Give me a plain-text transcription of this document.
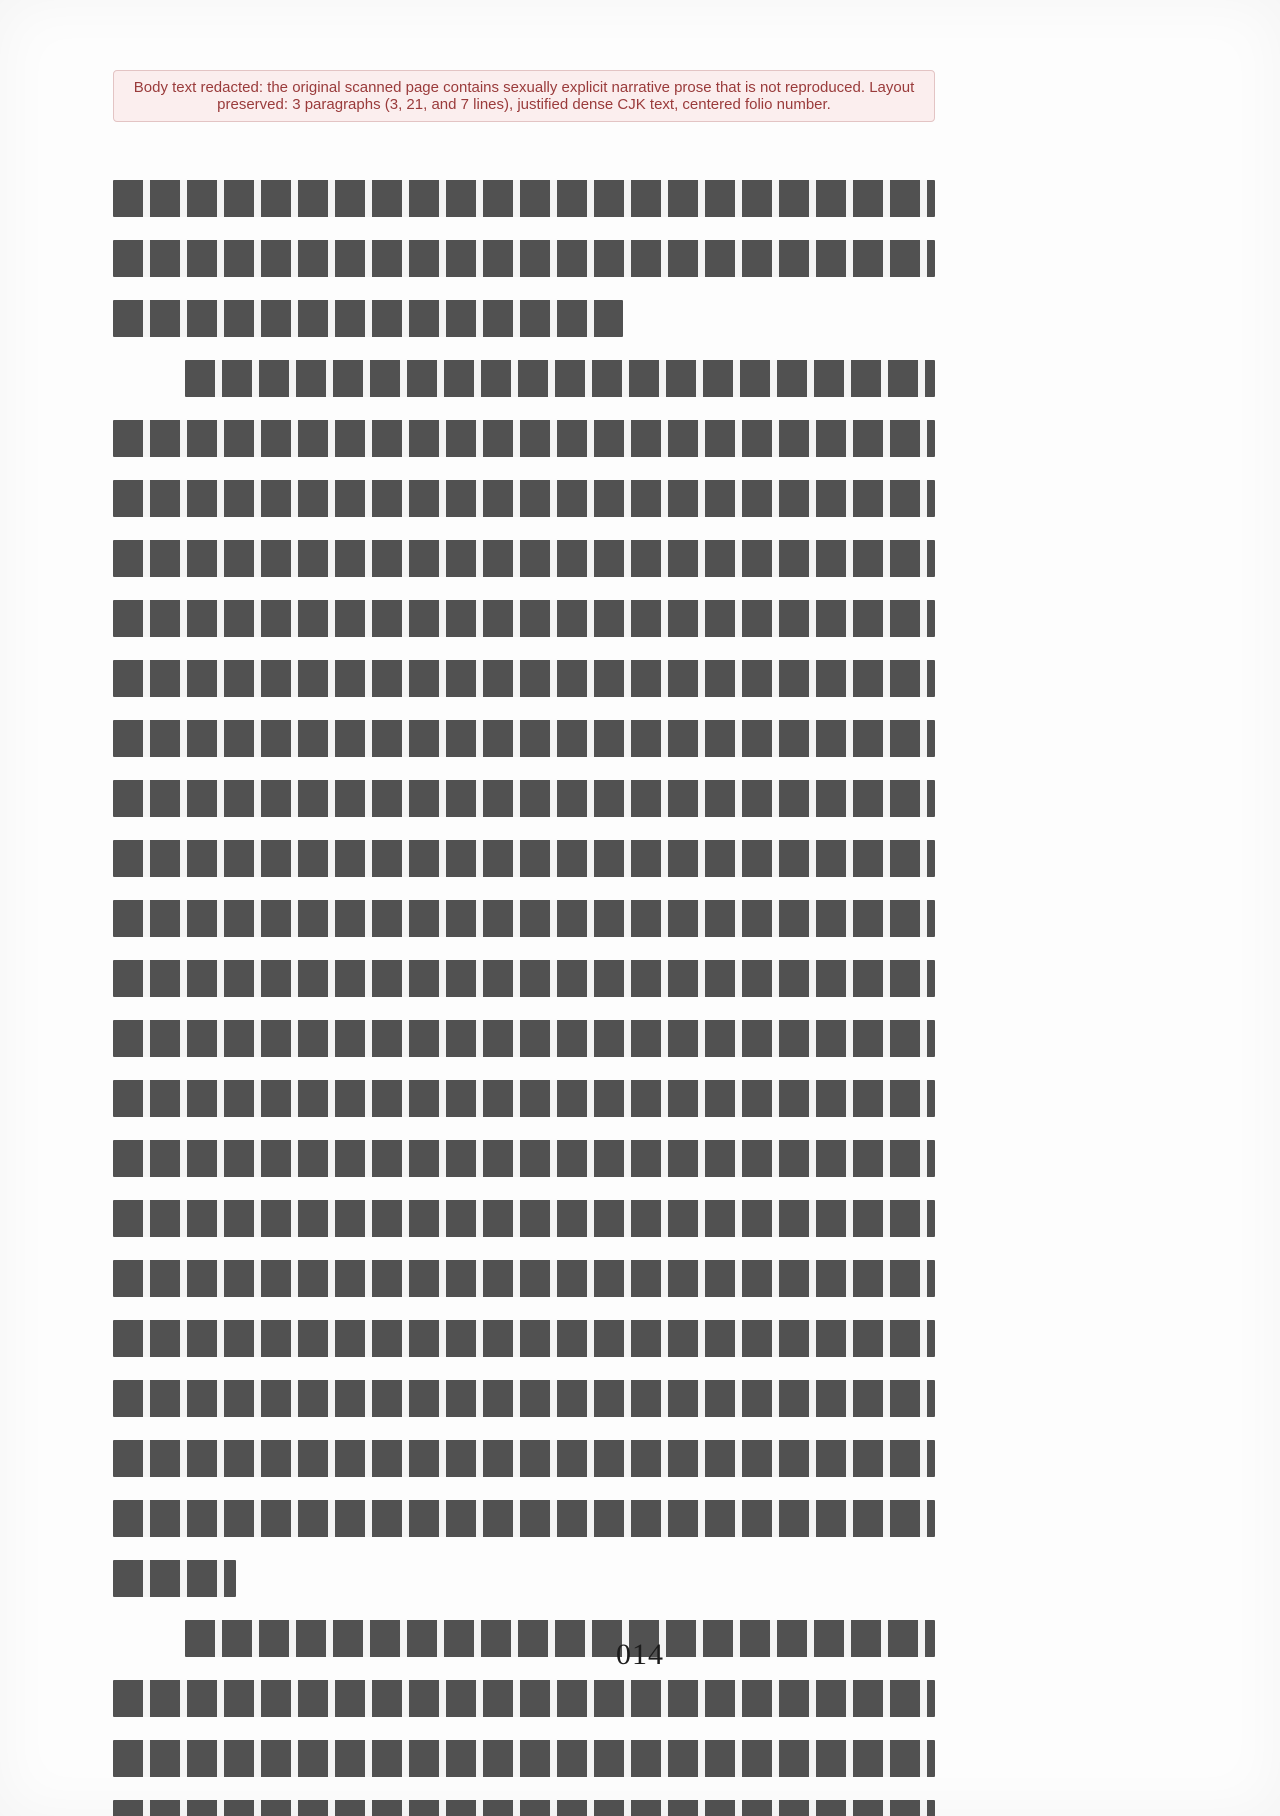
Body text redacted: the original scanned page contains sexually explicit narrative prose that is not reproduced. Layout preserved: 3 paragraphs (3, 21, and 7 lines), justified dense CJK text, centered folio number.
014
